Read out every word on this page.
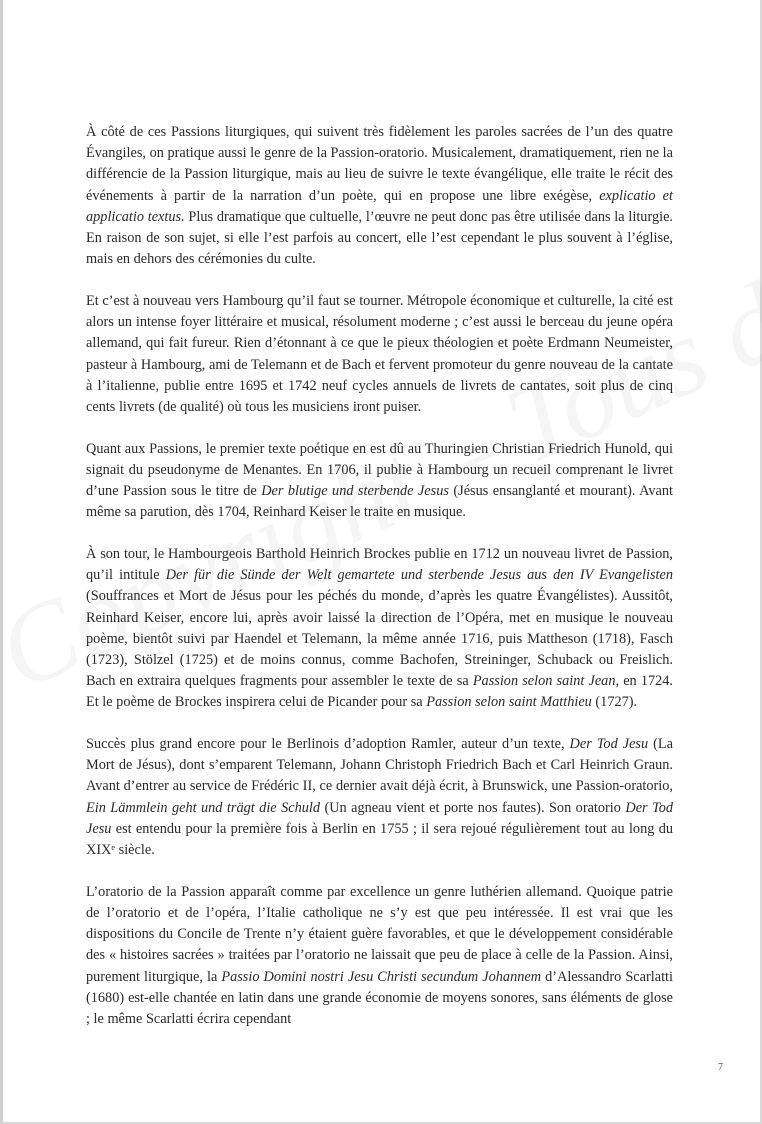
À côté de ces Passions liturgiques, qui suivent très fidèlement les paroles sacrées de l’un des quatre Évangiles, on pratique aussi le genre de la Passion-oratorio. Musicalement, dramatiquement, rien ne la différencie de la Passion liturgique, mais au lieu de suivre le texte évangélique, elle traite le récit des événements à partir de la narration d’un poète, qui en propose une libre exégèse, explicatio et applicatio textus. Plus dramatique que cultuelle, l’œuvre ne peut donc pas être utilisée dans la liturgie. En raison de son sujet, si elle l’est parfois au concert, elle l’est cependant le plus souvent à l’église, mais en dehors des cérémonies du culte.

Et c’est à nouveau vers Hambourg qu’il faut se tourner. Métropole économique et culturelle, la cité est alors un intense foyer littéraire et musical, résolument moderne ; c’est aussi le berceau du jeune opéra allemand, qui fait fureur. Rien d’étonnant à ce que le pieux théologien et poète Erdmann Neumeister, pasteur à Hambourg, ami de Telemann et de Bach et fervent promoteur du genre nouveau de la cantate à l’italienne, publie entre 1695 et 1742 neuf cycles annuels de livrets de cantates, soit plus de cinq cents livrets (de qualité) où tous les musiciens iront puiser.

Quant aux Passions, le premier texte poétique en est dû au Thuringien Christian Friedrich Hunold, qui signait du pseudonyme de Menantes. En 1706, il publie à Hambourg un recueil comprenant le livret d’une Passion sous le titre de Der blutige und sterbende Jesus (Jésus ensanglanté et mourant). Avant même sa parution, dès 1704, Reinhard Keiser le traite en musique.

À son tour, le Hambourgeois Barthold Heinrich Brockes publie en 1712 un nouveau livret de Passion, qu’il intitule Der für die Sünde der Welt gemartete und sterbende Jesus aus den IV Evangelisten (Souffrances et Mort de Jésus pour les péchés du monde, d’après les quatre Évangélistes). Aussitôt, Reinhard Keiser, encore lui, après avoir laissé la direction de l’Opéra, met en musique le nouveau poème, bientôt suivi par Haendel et Telemann, la même année 1716, puis Mattheson (1718), Fasch (1723), Stölzel (1725) et de moins connus, comme Bachofen, Streininger, Schuback ou Freislich. Bach en extraira quelques fragments pour assembler le texte de sa Passion selon saint Jean, en 1724. Et le poème de Brockes inspirera celui de Picander pour sa Passion selon saint Matthieu (1727).

Succès plus grand encore pour le Berlinois d’adoption Ramler, auteur d’un texte, Der Tod Jesu (La Mort de Jésus), dont s’emparent Telemann, Johann Christoph Friedrich Bach et Carl Heinrich Graun. Avant d’entrer au service de Frédéric II, ce dernier avait déjà écrit, à Brunswick, une Passion-oratorio, Ein Lämmlein geht und trägt die Schuld (Un agneau vient et porte nos fautes). Son oratorio Der Tod Jesu est entendu pour la première fois à Berlin en 1755 ; il sera rejoué régulièrement tout au long du XIXᵉ siècle.

L’oratorio de la Passion apparaît comme par excellence un genre luthérien allemand. Quoique patrie de l’oratorio et de l’opéra, l’Italie catholique ne s’y est que peu intéressée. Il est vrai que les dispositions du Concile de Trente n’y étaient guère favorables, et que le développement considérable des « histoires sacrées » traitées par l’oratorio ne laissait que peu de place à celle de la Passion. Ainsi, purement liturgique, la Passio Domini nostri Jesu Christi secundum Johannem d’Alessandro Scarlatti (1680) est-elle chantée en latin dans une grande économie de moyens sonores, sans éléments de glose ; le même Scarlatti écrira cependant

7
